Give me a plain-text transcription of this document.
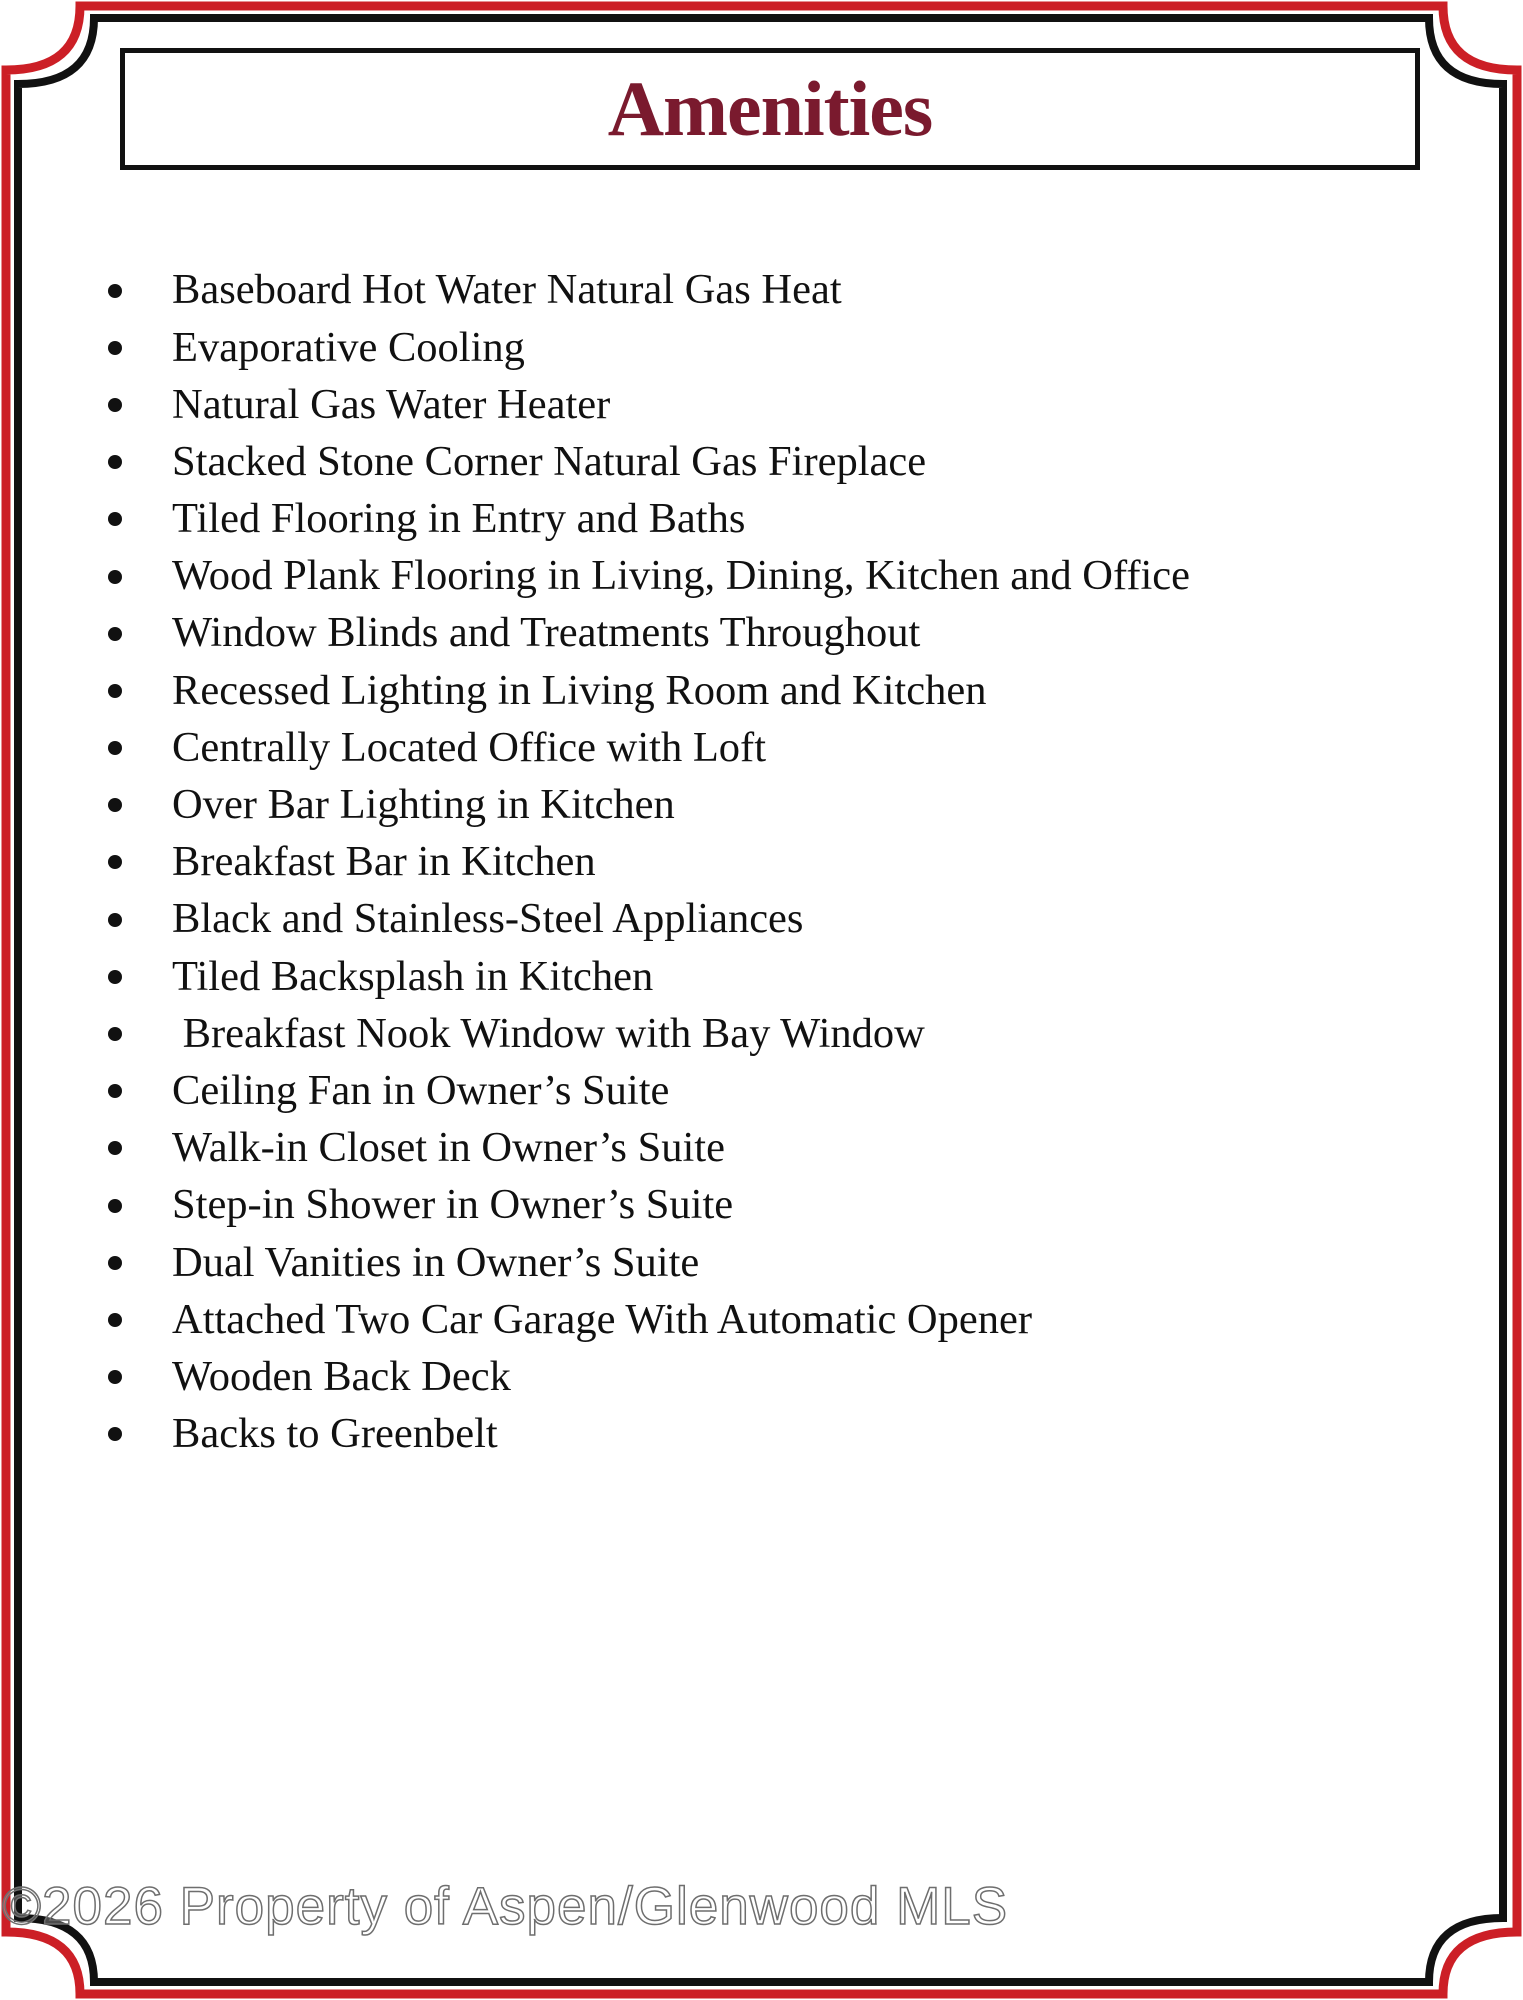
Amenities
Baseboard Hot Water Natural Gas Heat
Evaporative Cooling
Natural Gas Water Heater
Stacked Stone Corner Natural Gas Fireplace
Tiled Flooring in Entry and Baths
Wood Plank Flooring in Living, Dining, Kitchen and Office
Window Blinds and Treatments Throughout
Recessed Lighting in Living Room and Kitchen
Centrally Located Office with Loft
Over Bar Lighting in Kitchen
Breakfast Bar in Kitchen
Black and Stainless-Steel Appliances
Tiled Backsplash in Kitchen
Breakfast Nook Window with Bay Window
Ceiling Fan in Owner’s Suite
Walk-in Closet in Owner’s Suite
Step-in Shower in Owner’s Suite
Dual Vanities in Owner’s Suite
Attached Two Car Garage With Automatic Opener
Wooden Back Deck
Backs to Greenbelt
©2026 Property of Aspen/Glenwood MLS
